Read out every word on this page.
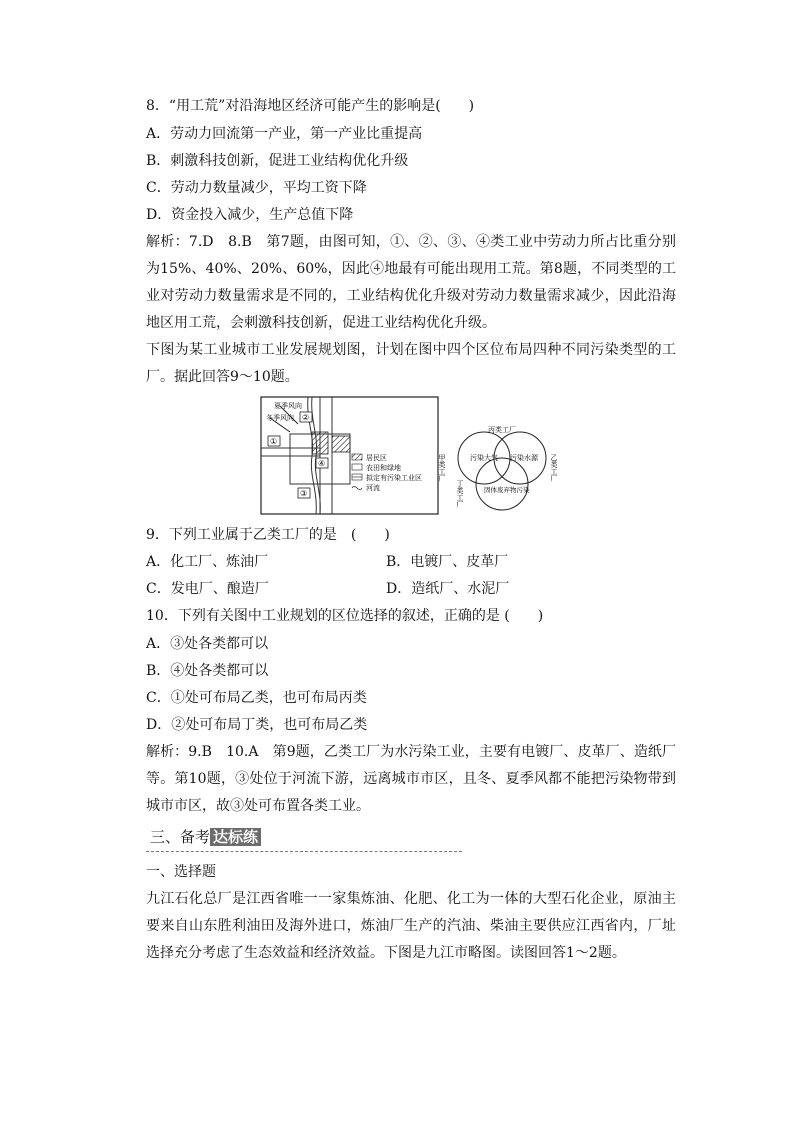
8．“用工荒”对沿海地区经济可能产生的影响是(　　)
A．劳动力回流第一产业，第一产业比重提高
B．刺激科技创新，促进工业结构优化升级
C．劳动力数量减少，平均工资下降
D．资金投入减少，生产总值下降
解析：7.D　8.B　第7题，由图可知，①、②、③、④类工业中劳动力所占比重分别为15%、40%、20%、60%，因此④地最有可能出现用工荒。第8题，不同类型的工业对劳动力数量需求是不同的，工业结构优化升级对劳动力数量需求减少，因此沿海地区用工荒，会刺激科技创新，促进工业结构优化升级。
下图为某工业城市工业发展规划图，计划在图中四个区位布局四种不同污染类型的工厂。据此回答9～10题。
夏季风向
冬季风向
①
②
③
④
居民区
农田和绿地
拟定有污染工业区
河流
丙类工厂
污染大气 污染水源
固体废弃物污染
甲类工厂	乙类工厂
丁类工厂
9．下列工业属于乙类工厂的是　(　　)
A．化工厂、炼油厂	B．电镀厂、皮革厂
C．发电厂、酿造厂	D．造纸厂、水泥厂
10．下列有关图中工业规划的区位选择的叙述，正确的是 (　　)
A．③处各类都可以
B．④处各类都可以
C．①处可布局乙类，也可布局丙类
D．②处可布局丁类，也可布局乙类
解析：9.B　10.A　第9题，乙类工厂为水污染工业，主要有电镀厂、皮革厂、造纸厂等。第10题，③处位于河流下游，远离城市市区，且冬、夏季风都不能把污染物带到城市市区，故③处可布置各类工业。
三、备考 达标练
一、选择题
九江石化总厂是江西省唯一一家集炼油、化肥、化工为一体的大型石化企业，原油主要来自山东胜利油田及海外进口，炼油厂生产的汽油、柴油主要供应江西省内，厂址选择充分考虑了生态效益和经济效益。下图是九江市略图。读图回答1～2题。
